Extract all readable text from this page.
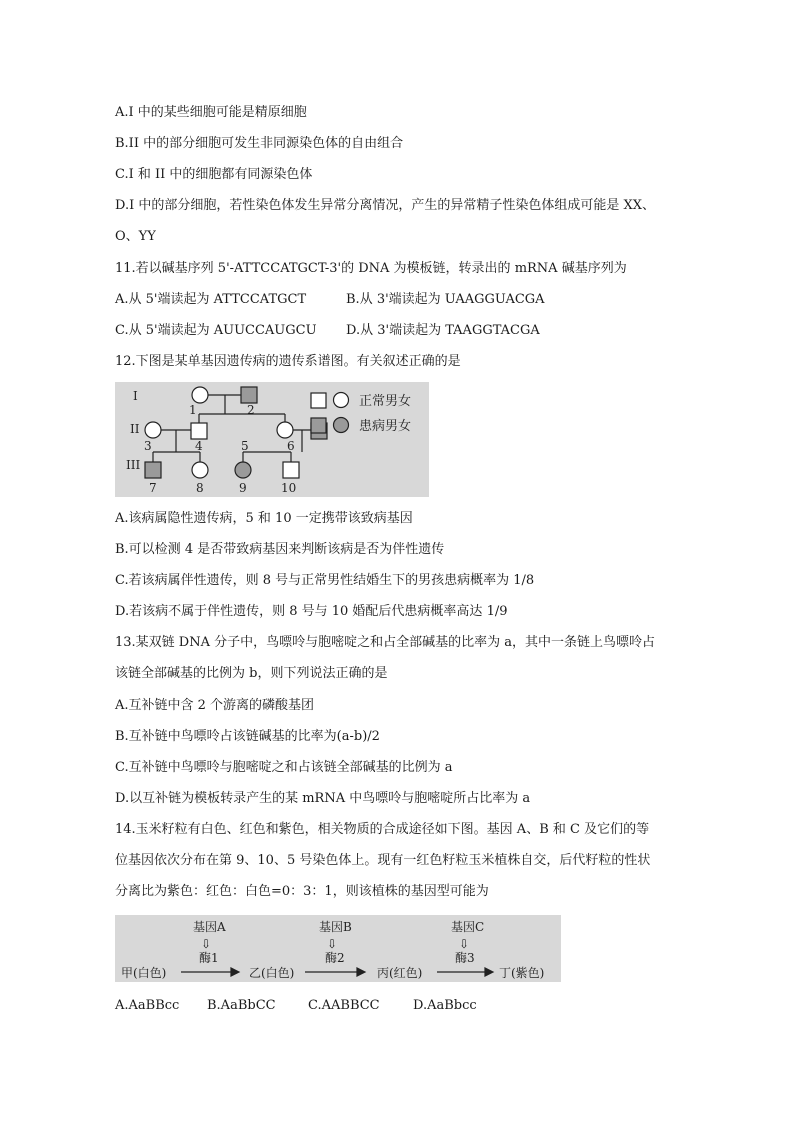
A.I 中的某些细胞可能是精原细胞
B.II 中的部分细胞可发生非同源染色体的自由组合
C.I 和 II 中的细胞都有同源染色体
D.I 中的部分细胞，若性染色体发生异常分离情况，产生的异常精子性染色体组成可能是 XX、
O、YY
11.若以碱基序列 5'-ATTCCATGCT-3'的 DNA 为模板链，转录出的 mRNA 碱基序列为
A.从 5'端读起为 ATTCCATGCT	B.从 3'端读起为 UAAGGUACGA
C.从 5'端读起为 AUUCCAUGCU D.从 3'端读起为 TAAGGTACGA
12.下图是某单基因遗传病的遗传系谱图。有关叙述正确的是
I
II
III
1	2
3	4	5	6
7	8	9	10
正常男女
患病男女
A.该病属隐性遗传病，5 和 10 一定携带该致病基因
B.可以检测 4 是否带致病基因来判断该病是否为伴性遗传
C.若该病属伴性遗传，则 8 号与正常男性结婚生下的男孩患病概率为 1/8
D.若该病不属于伴性遗传，则 8 号与 10 婚配后代患病概率高达 1/9
13.某双链 DNA 分子中，鸟嘌呤与胞嘧啶之和占全部碱基的比率为 a，其中一条链上鸟嘌呤占
该链全部碱基的比例为 b，则下列说法正确的是
A.互补链中含 2 个游离的磷酸基团
B.互补链中鸟嘌呤占该链碱基的比率为(a-b)/2
C.互补链中鸟嘌呤与胞嘧啶之和占该链全部碱基的比例为 a
D.以互补链为模板转录产生的某 mRNA 中鸟嘌呤与胞嘧啶所占比率为 a
14.玉米籽粒有白色、红色和紫色，相关物质的合成途径如下图。基因 A、B 和 C 及它们的等
位基因依次分布在第 9、10、5 号染色体上。现有一红色籽粒玉米植株自交，后代籽粒的性状
分离比为紫色：红色：白色=0：3：1，则该植株的基因型可能为
基因A	基因B	基因C
⇩	⇩	⇩
酶1	酶2	酶3
甲(白色)	乙(白色)	丙(红色)	丁(紫色)
A.AaBBcc B.AaBbCC C.AABBCC	D.AaBbcc
